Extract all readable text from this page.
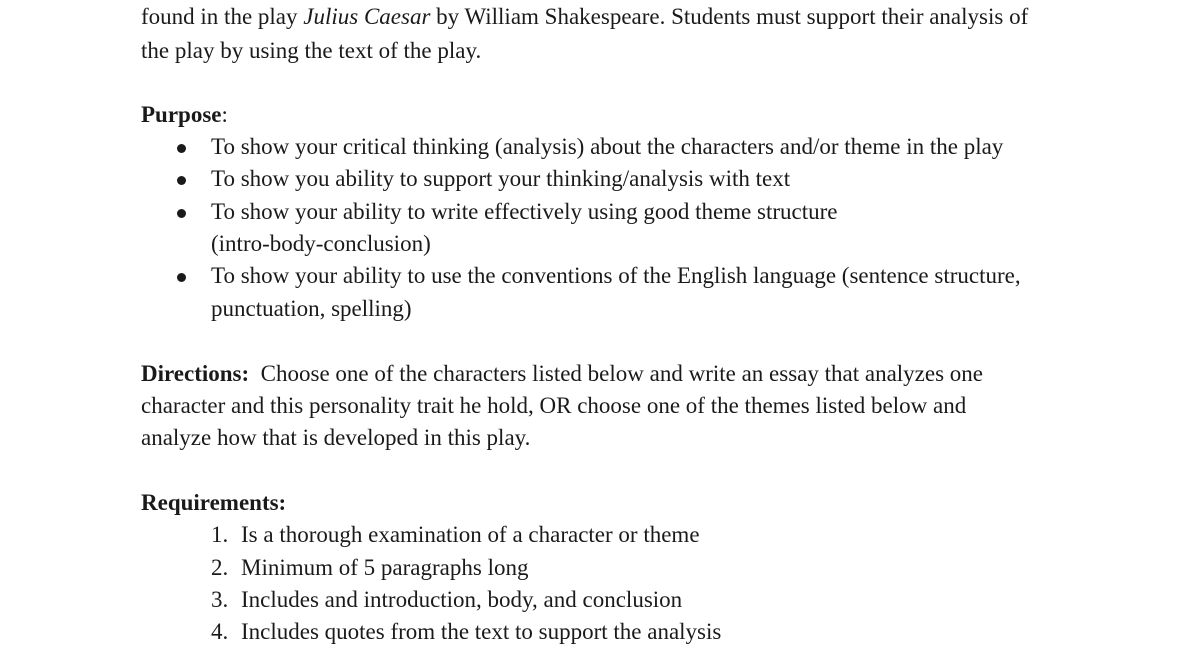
found in the play Julius Caesar by William Shakespeare. Students must support their analysis of
the play by using the text of the play.
Purpose:
To show your critical thinking (analysis) about the characters and/or theme in the play
To show you ability to support your thinking/analysis with text
To show your ability to write effectively using good theme structure
(intro-body-conclusion)
To show your ability to use the conventions of the English language (sentence structure,
punctuation, spelling)
Directions:  Choose one of the characters listed below and write an essay that analyzes one
character and this personality trait he hold, OR choose one of the themes listed below and
analyze how that is developed in this play.
Requirements:
1. Is a thorough examination of a character or theme
2. Minimum of 5 paragraphs long
3. Includes and introduction, body, and conclusion
4. Includes quotes from the text to support the analysis
